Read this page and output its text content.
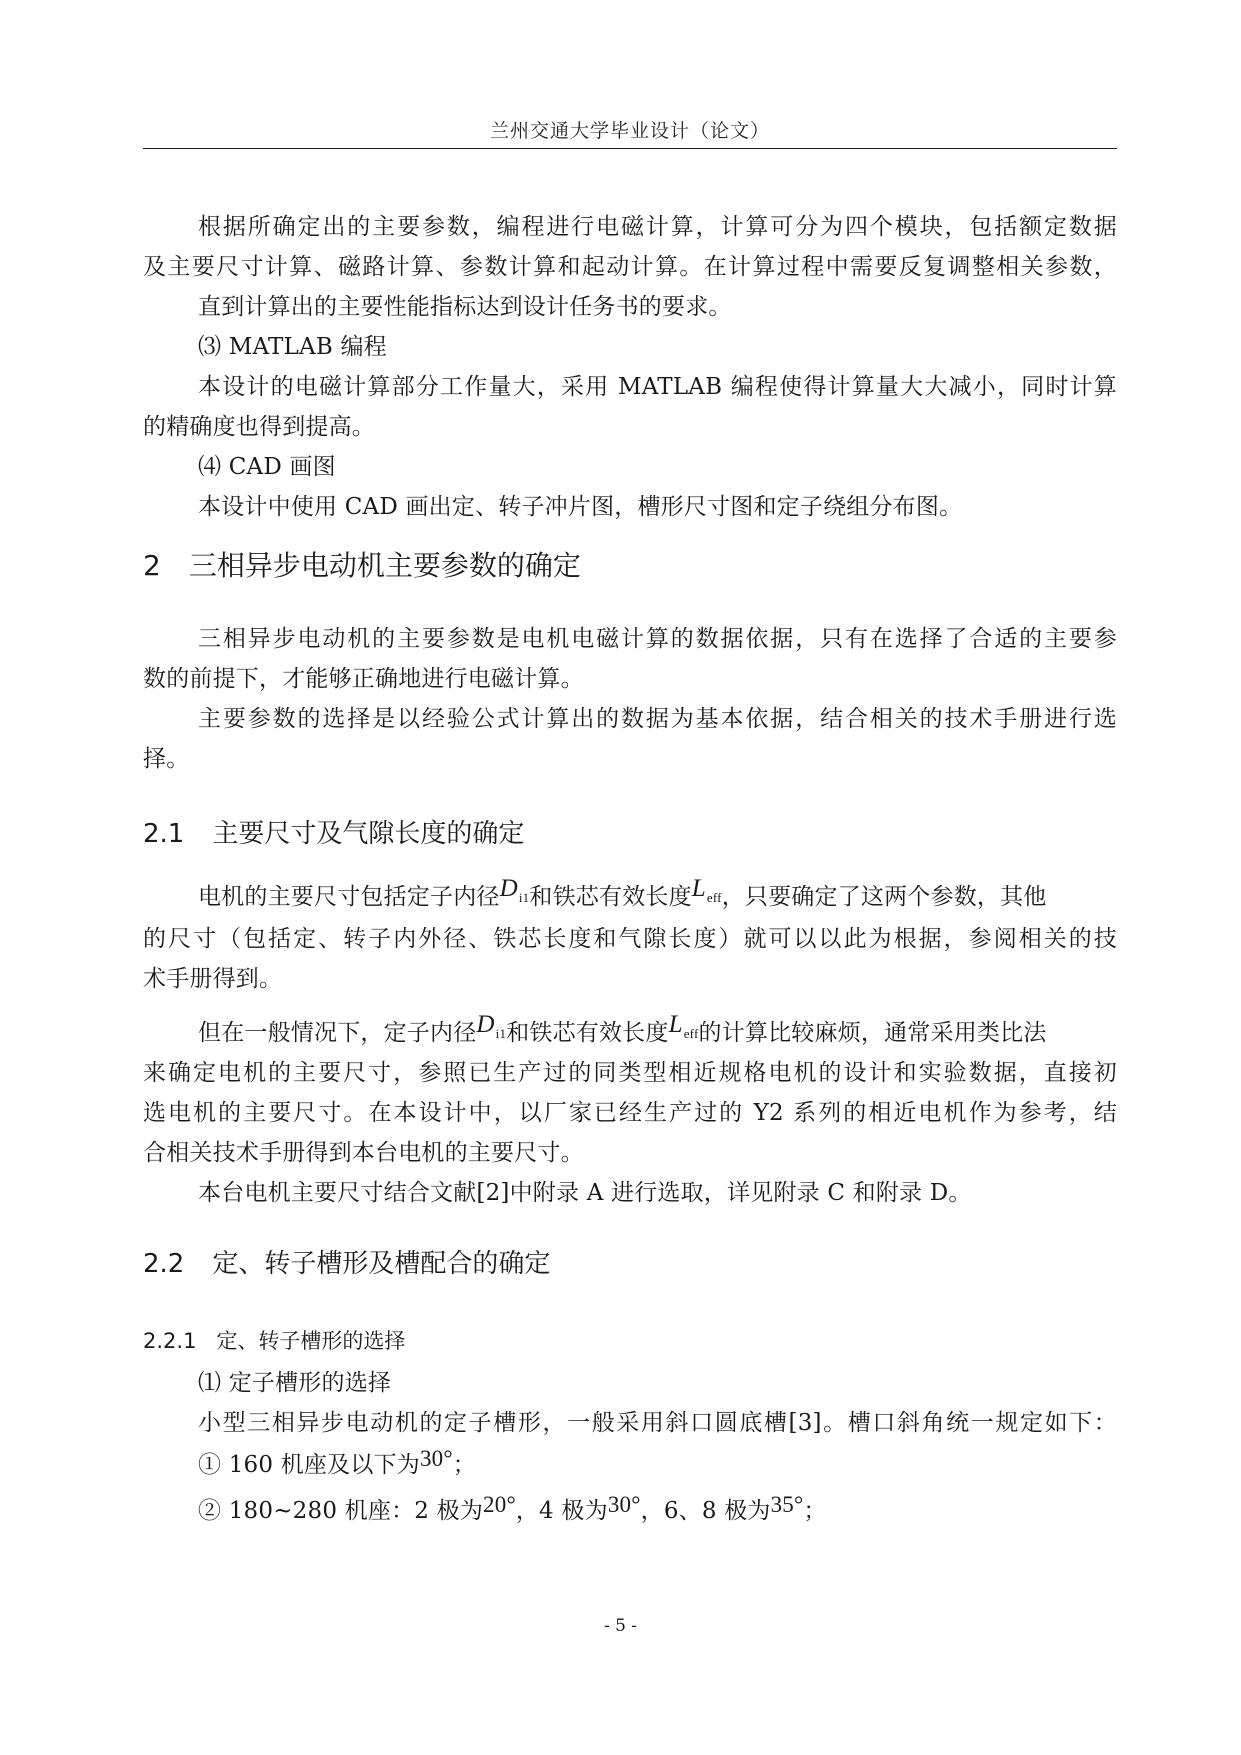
兰州交通大学毕业设计（论文）
根据所确定出的主要参数，编程进行电磁计算，计算可分为四个模块，包括额定数据
及主要尺寸计算、磁路计算、参数计算和起动计算。在计算过程中需要反复调整相关参数，
直到计算出的主要性能指标达到设计任务书的要求。
⑶ MATLAB 编程
本设计的电磁计算部分工作量大，采用 MATLAB 编程使得计算量大大减小，同时计算
的精确度也得到提高。
⑷ CAD 画图
本设计中使用 CAD 画出定、转子冲片图，槽形尺寸图和定子绕组分布图。
2 三相异步电动机主要参数的确定
三相异步电动机的主要参数是电机电磁计算的数据依据，只有在选择了合适的主要参
数的前提下，才能够正确地进行电磁计算。
主要参数的选择是以经验公式计算出的数据为基本依据，结合相关的技术手册进行选
择。
2.1 主要尺寸及气隙长度的确定
电机的主要尺寸包括定子内径$D_{i1}$和铁芯有效长度$L_{eff}$，只要确定了这两个参数，其他
的尺寸（包括定、转子内外径、铁芯长度和气隙长度）就可以以此为根据，参阅相关的技
术手册得到。
但在一般情况下，定子内径$D_{i1}$和铁芯有效长度$L_{eff}$的计算比较麻烦，通常采用类比法
来确定电机的主要尺寸，参照已生产过的同类型相近规格电机的设计和实验数据，直接初
选电机的主要尺寸。在本设计中，以厂家已经生产过的 Y2 系列的相近电机作为参考，结
合相关技术手册得到本台电机的主要尺寸。
本台电机主要尺寸结合文献[2]中附录 A 进行选取，详见附录 C 和附录 D。
2.2 定、转子槽形及槽配合的确定
2.2.1 定、转子槽形的选择
⑴ 定子槽形的选择
小型三相异步电动机的定子槽形，一般采用斜口圆底槽[3]。槽口斜角统一规定如下：
① 160 机座及以下为30°；
② 180~280 机座：2 极为20°，4 极为30°，6、8 极为35°；
- 5 -
